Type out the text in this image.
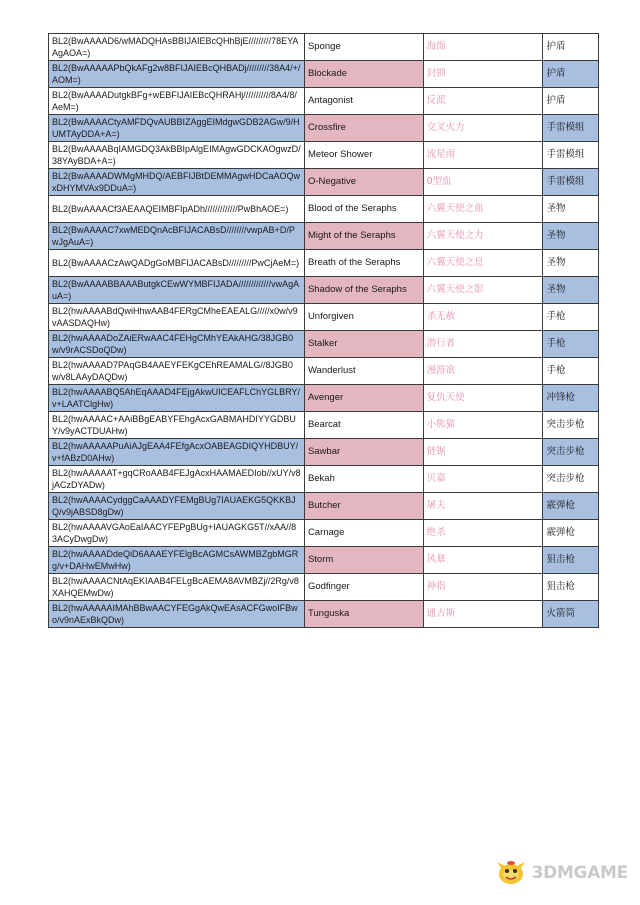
BL2(BwAAAAD6/wMADQHAsBBIJAIEBcQHhBjE/////////78EYAAgAOA=)	Sponge	海绵	护盾
BL2(BwAAAAAPbQkAFg2w8BFIJAIEBcQHBADj/////////38A4/+/AOM=)	Blockade	封锁	护盾
BL2(BwAAAADutgkBFg+wEBFIJAIEBcQHRAHj///////////8A4/8/AeM=)	Antagonist	反派	护盾
BL2(BwAAAACtyAMFDQvAUBBIZAggEIMdgwGDB2AGw/9/HUMTAyDDA+A=)	Crossfire	交叉火力	手雷模组
BL2(BwAAAABqIAMGDQ3AkBBIpAlgEIMAgwGDCKAOgwzD/38YAyBDA+A=)	Meteor Shower	流星雨	手雷模组
BL2(BwAAAADWMgMHDQ/AEBFIJBtDEMMAgwHDCaAOQwxDHYMVAx9DDuA=)	O-Negative	0型血	手雷模组
BL2(BwAAAACf3AEAAQEIMBFIpADh/////////////PwBhAOE=)	Blood of the Seraphs	六翼天使之血	圣物
BL2(BwAAAAC7xwMEDQnAcBFIJACABsD////////vwpAB+D/PwJgAuA=)	Might of the Seraphs	六翼天使之力	圣物
BL2(BwAAAACzAwQADgGoMBFIJACABsD/////////PwCjAeM=)	Breath of the Seraphs	六翼天使之息	圣物
BL2(BwAAAABBAAAButgkCEwWYMBFIJADA/////////////vwAgAuA=)	Shadow of the Seraphs	六翼天使之影	圣物
BL2(hwAAAABdQwiHhwAAB4FERgCMheEAEALG/////x0w/v9vAASDAQHw)	Unforgiven	杀无赦	手枪
BL2(hwAAAADoZAiERwAAC4FEHgCMhYEAkAHG/38JGB0w/v9rACSDoQDw)	Stalker	潜行者	手枪
BL2(hwAAAAD7PAqGB4AAEYFEKgCEhREAMALG//8JGB0w/v8LAAyDAQDw)	Wanderlust	漫游欲	手枪
BL2(hwAAAABQ5AhEqAAAD4FEjgAkwUICEAFLChYGLBRY/v+LAATClgHw)	Avenger	复仇天使	冲锋枪
BL2(hwAAAAC+AAiBBgEABYFEhgAcxGABMAHDIYYGDBUY/v9yACTDUAHw)	Bearcat	小熊猫	突击步枪
BL2(hwAAAAAPuAiAJgEAA4FEfgAcxOABEAGDIQYHDBUY/v+fABzD0AHw)	Sawbar	链锯	突击步枪
BL2(hwAAAAAT+gqCRoAAB4FEJgAcxHAAMAEDIob//xUY/v8jACzDYADw)	Bekah	贝嘉	突击步枪
BL2(hwAAAACydggCaAAADYFEMgBUg7IAUAEKG5QKKBJQ/v9jABSD8gDw)	Butcher	屠夫	霰弹枪
BL2(hwAAAAVGAoEaIAACYFEPgBUg+IAUAGKG5T//xAA//83ACyDwgDw)	Carnage	绝杀	霰弹枪
BL2(hwAAAADdeQiD6AAAEYFElgBcAGMCsAWMBZgbMGRg/v+DAHwEMwHw)	Storm	风暴	狙击枪
BL2(hwAAAACNtAqEKIAAB4FELgBcAEMA8AVMBZj//2Rg/v8XAHQEMwDw)	Godfinger	神指	狙击枪
BL2(hwAAAAAIMAhBBwAACYFEGgAkQwEAsACFGwoIFBwo/v9nAExBkQDw)	Tunguska	通古斯	火箭筒
3DMGAME
